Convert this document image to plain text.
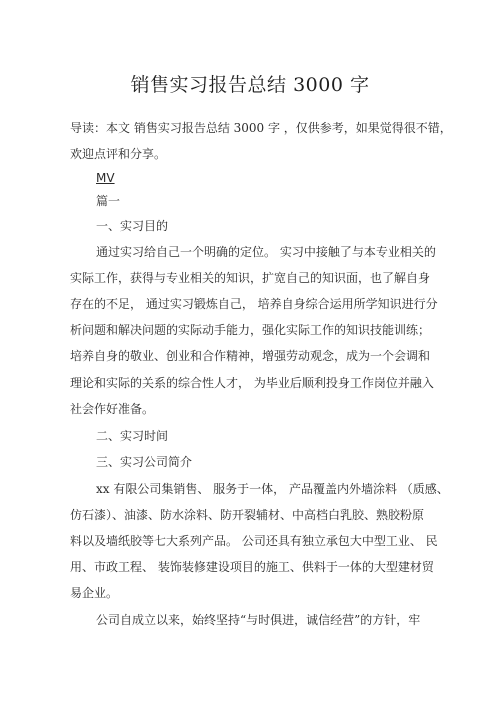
销售实习报告总结 3000 字
导读：本文 销售实习报告总结 3000 字 ，仅供参考，如果觉得很不错，
欢迎点评和分享。
MV
篇一
一、实习目的
通过实习给自己一个明确的定位。 实习中接触了与本专业相关的
实际工作，获得与专业相关的知识，扩宽自己的知识面，也了解自身
存在的不足， 通过实习锻炼自己， 培养自身综合运用所学知识进行分
析问题和解决问题的实际动手能力，强化实际工作的知识技能训练；
培养自身的敬业、创业和合作精神，增强劳动观念，成为一个会调和
理论和实际的关系的综合性人才， 为毕业后顺利投身工作岗位并融入
社会作好准备。
二、实习时间
三、实习公司简介
xx 有限公司集销售、 服务于一体， 产品覆盖内外墙涂料 （质感、
仿石漆）、油漆、防水涂料、防开裂辅材、中高档白乳胶、熟胶粉原
料以及墙纸胶等七大系列产品。 公司还具有独立承包大中型工业、 民
用、市政工程、 装饰装修建设项目的施工、供料于一体的大型建材贸
易企业。
公司自成立以来，始终坚持“与时俱进，诚信经营”的方针，牢
